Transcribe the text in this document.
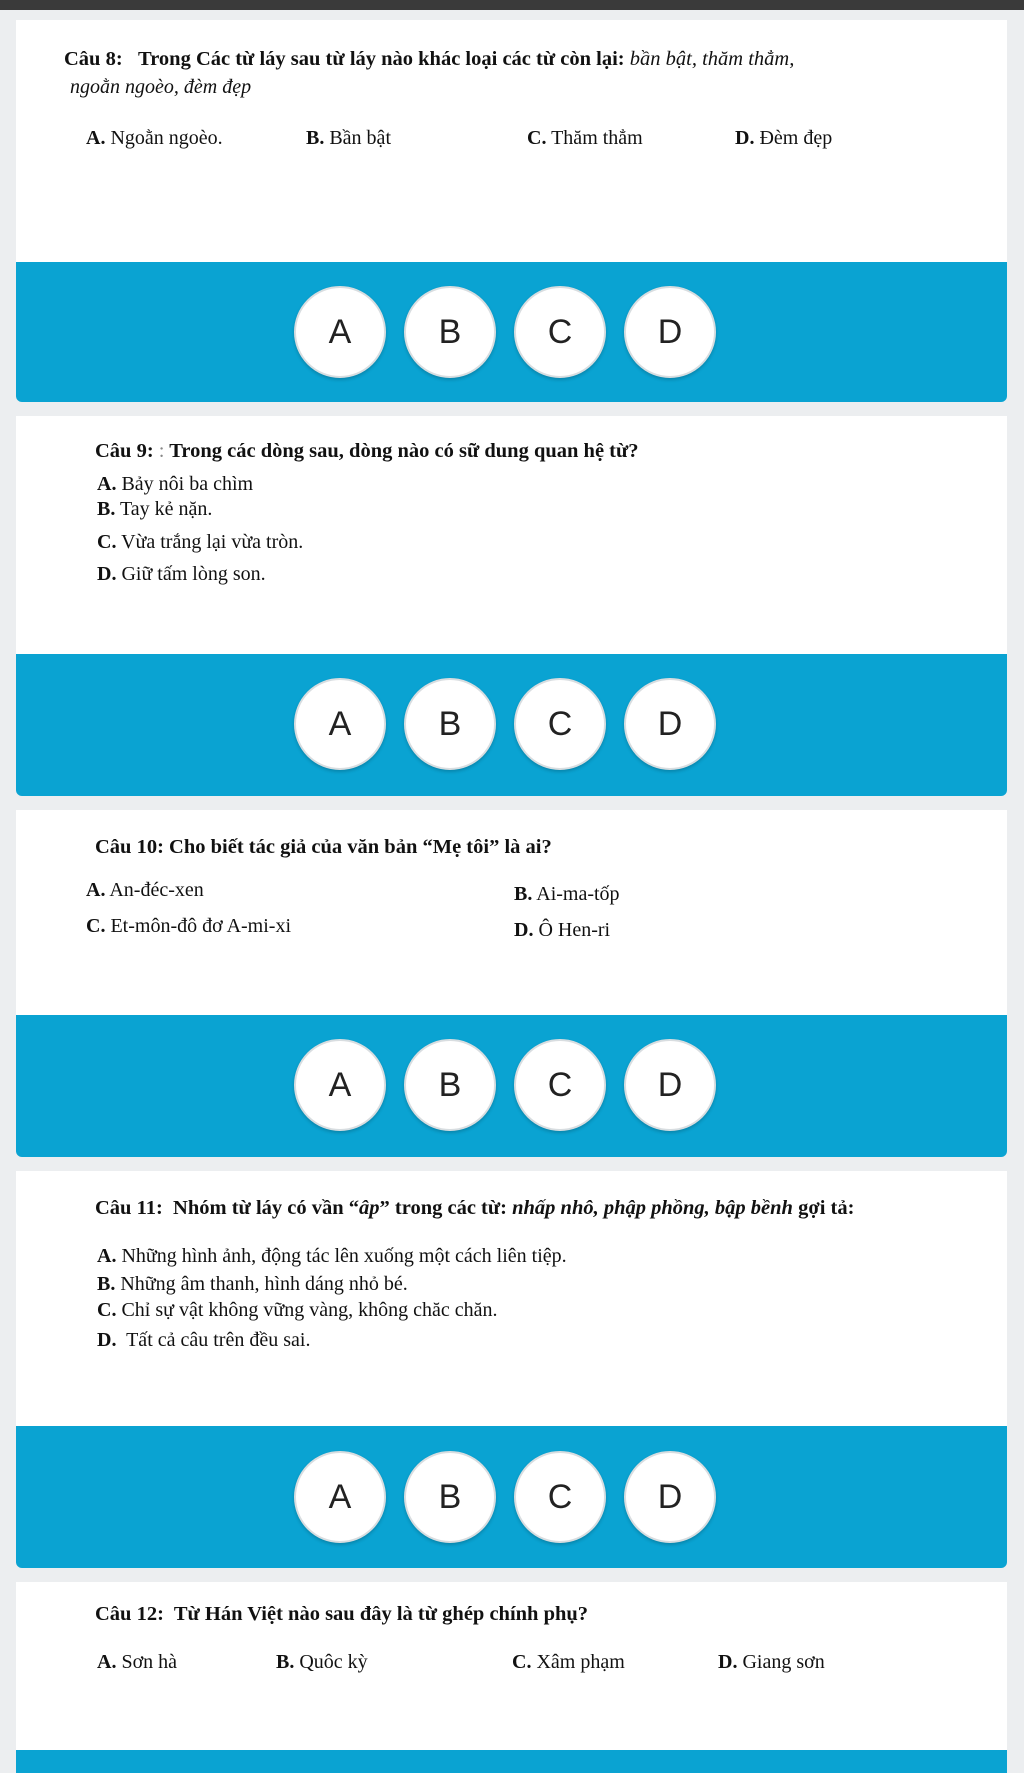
Câu 8: Trong Các từ láy sau từ láy nào khác loại các từ còn lại: bần bật, thăm thẳm,
ngoằn ngoèo, đèm đẹp
A. Ngoằn ngoèo.	B. Bần bật	C. Thăm thẳm	D. Đèm đẹp
A	B	C	D
Câu 9: : Trong các dòng sau, dòng nào có sữ dung quan hệ từ?
A. Bảy nôi ba chìm
B. Tay kẻ nặn.
C. Vừa trắng lại vừa tròn.
D. Giữ tấm lòng son.
A	B	C	D
Câu 10: Cho biết tác giả của văn bản “Mẹ tôi” là ai?
A. An-đéc-xen	B. Ai-ma-tốp
C. Et-môn-đô đơ A-mi-xi	D. Ô Hen-ri
A	B	C	D
Câu 11: Nhóm từ láy có vần “âp” trong các từ: nhấp nhô, phập phồng, bập bềnh gợi tả:
A. Những hình ảnh, động tác lên xuống một cách liên tiệp.
B. Những âm thanh, hình dáng nhỏ bé.
C. Chỉ sự vật không vững vàng, không chăc chăn.
D. Tất cả câu trên đều sai.
A	B	C	D
Câu 12: Từ Hán Việt nào sau đây là từ ghép chính phụ?
A. Sơn hà	B. Quôc kỳ	C. Xâm phạm	D. Giang sơn
